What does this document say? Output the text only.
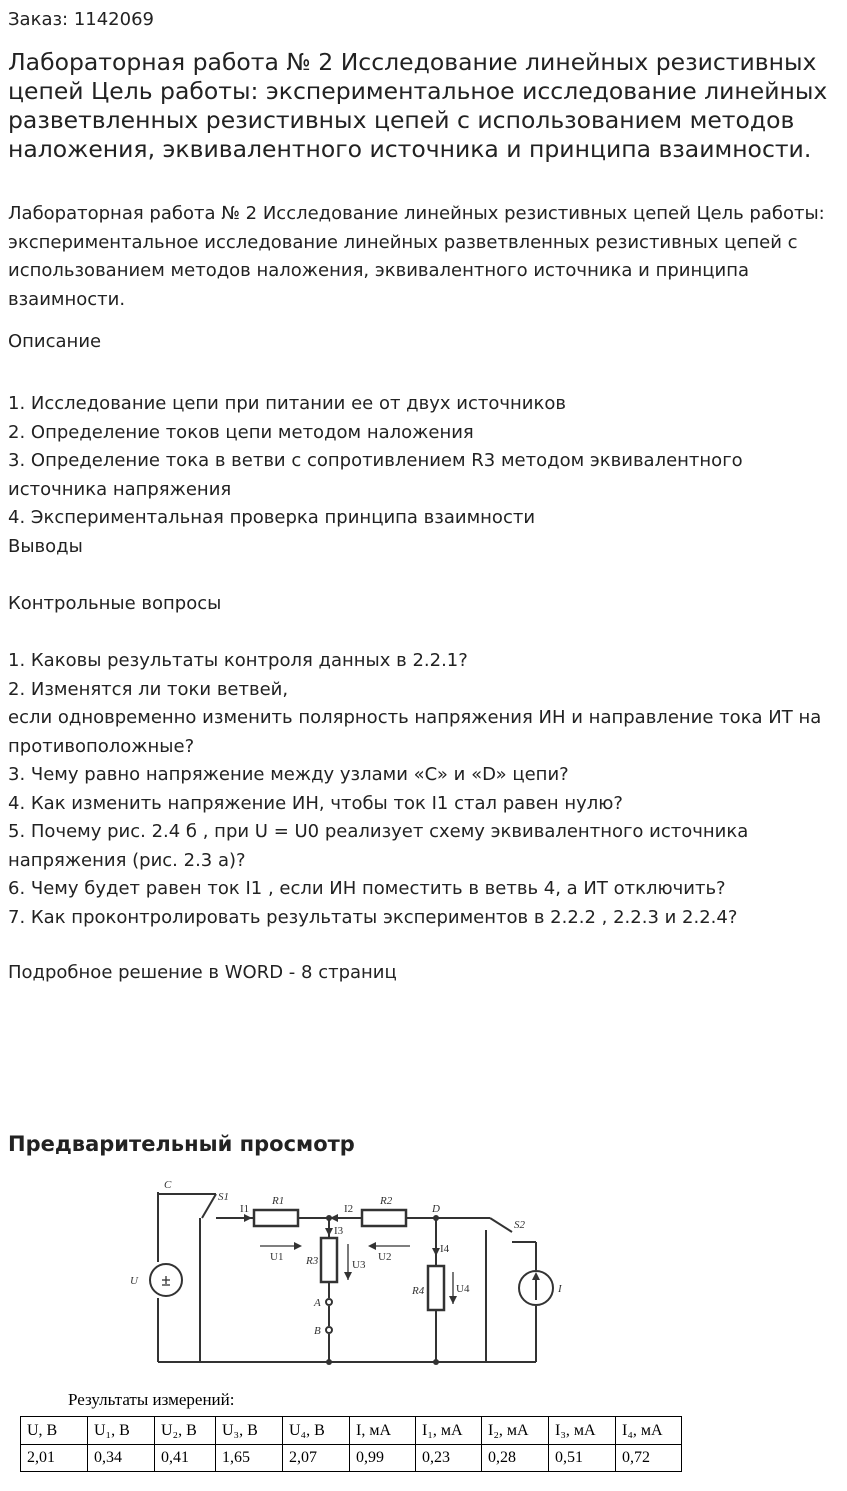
Заказ: 1142069
Лабораторная работа № 2 Исследование линейных резистивных цепей Цель работы: экспериментальное исследование линейных разветвленных резистивных цепей с использованием методов наложения, эквивалентного источника и принципа взаимности.

Лабораторная работа № 2 Исследование линейных резистивных цепей Цель работы: экспериментальное исследование линейных разветвленных резистивных цепей с использованием методов наложения, эквивалентного источника и принципа взаимности.

Описание

1. Исследование цепи при питании ее от двух источников
2. Определение токов цепи методом наложения
3. Определение тока в ветви с сопротивлением R3 методом эквивалентного источника напряжения
4. Экспериментальная проверка принципа взаимности
Выводы

Контрольные вопросы

1. Каковы результаты контроля данных в 2.2.1?
2. Изменятся ли токи ветвей,
если одновременно изменить полярность напряжения ИН и направление тока ИТ на противоположные?
3. Чему равно напряжение между узлами «C» и «D» цепи?
4. Как изменить напряжение ИН, чтобы ток I1 стал равен нулю?
5. Почему рис. 2.4 б , при U = U0 реализует схему эквивалентного источника напряжения (рис. 2.3 а)?
6. Чему будет равен ток I1 , если ИН поместить в ветвь 4, а ИТ отключить?
7. Как проконтролировать результаты экспериментов в 2.2.2 , 2.2.3 и 2.2.4?

Подробное решение в WORD - 8 страниц

Предварительный просмотр
C
S1	R1	R2
D
S2
R3
R4
A
B
U
I
I1	I2
I3
I4
U1	U2
U3
U4
Результаты измерений:
U, В	U₁, В	U₂, В	U₃, В	U₄, В	I, мА	I₁, мА	I₂, мА	I₃, мА	I₄, мА
2,01	0,34	0,41	1,65	2,07	0,99	0,23	0,28	0,51	0,72
